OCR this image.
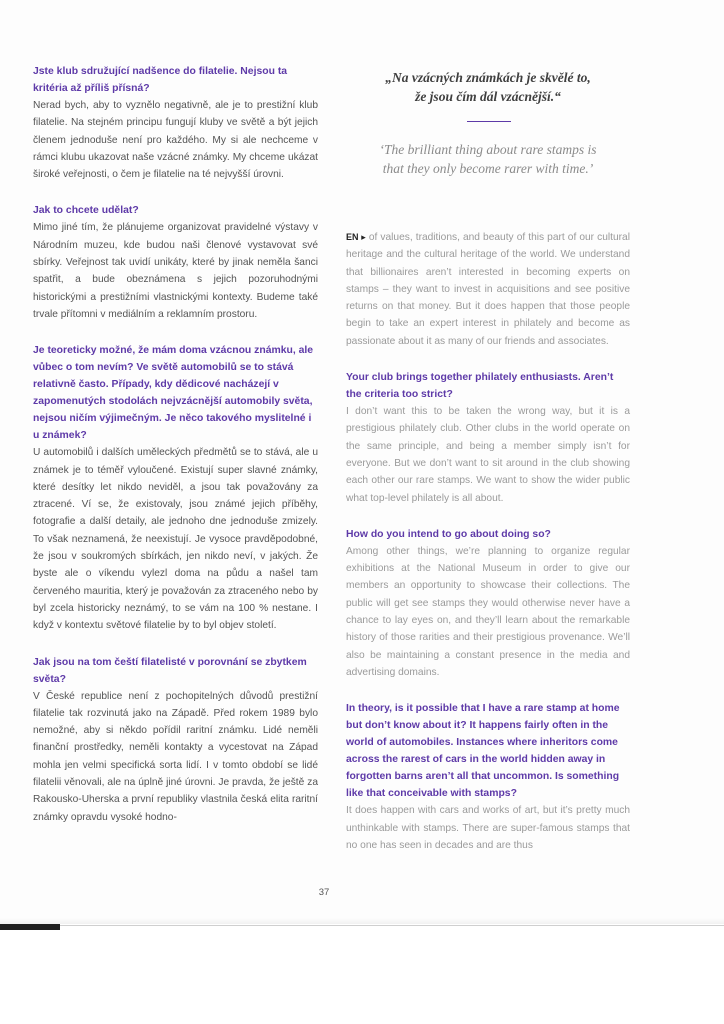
Jste klub sdružující nadšence do filatelie. Nejsou ta kritéria až příliš přísná?

Nerad bych, aby to vyznělo negativně, ale je to prestižní klub filatelie. Na stejném principu fungují kluby ve světě a být jejich členem jednoduše není pro každého. My si ale nechceme v rámci klubu ukazovat naše vzácné známky. My chceme ukázat široké veřejnosti, o čem je filatelie na té nejvyšší úrovni.

Jak to chcete udělat?

Mimo jiné tím, že plánujeme organizovat pravidelné výstavy v Národním muzeu, kde budou naši členové vystavovat své sbírky. Veřejnost tak uvidí unikáty, které by jinak neměla šanci spatřit, a bude obeznámena s jejich pozoruhodnými historickými a prestižními vlastnickými kontexty. Budeme také trvale přítomni v mediálním a reklamním prostoru.

Je teoreticky možné, že mám doma vzácnou známku, ale vůbec o tom nevím? Ve světě automobilů se to stává relativně často. Případy, kdy dědicové nacházejí v zapomenutých stodolách nejvzácnější automobily světa, nejsou ničím výjimečným. Je něco takového myslitelné i u známek?

U automobilů i dalších uměleckých předmětů se to stává, ale u známek je to téměř vyloučené. Existují super slavné známky, které desítky let nikdo neviděl, a jsou tak považovány za ztracené. Ví se, že existovaly, jsou známé jejich příběhy, fotografie a další detaily, ale jednoho dne jednoduše zmizely. To však neznamená, že neexistují. Je vysoce pravděpodobné, že jsou v soukromých sbírkách, jen nikdo neví, v jakých. Že byste ale o víkendu vylezl doma na půdu a našel tam červeného mauritia, který je považován za ztraceného nebo by byl zcela historicky neznámý, to se vám na 100 % nestane. I když v kontextu světové filatelie by to byl objev století.

Jak jsou na tom čeští filatelisté v porovnání se zbytkem světa?

V České republice není z pochopitelných důvodů prestižní filatelie tak rozvinutá jako na Západě. Před rokem 1989 bylo nemožné, aby si někdo pořídil raritní známku. Lidé neměli finanční prostředky, neměli kontakty a vycestovat na Západ mohla jen velmi specifická sorta lidí. I v tomto období se lidé filatelii věnovali, ale na úplně jiné úrovni. Je pravda, že ještě za Rakousko-Uherska a první republiky vlastnila česká elita raritní známky opravdu vysoké hodno-

„Na vzácných známkách je skvělé to,
že jsou čím dál vzácnější.“
‘The brilliant thing about rare stamps is
that they only become rarer with time.’

EN ▸ of values, traditions, and beauty of this part of our cultural heritage and the cultural heritage of the world. We understand that billionaires aren’t interested in becoming experts on stamps – they want to invest in acquisitions and see positive returns on that money. But it does happen that those people begin to take an expert interest in philately and become as passionate about it as many of our friends and associates.

Your club brings together philately enthusiasts. Aren’t the criteria too strict?

I don’t want this to be taken the wrong way, but it is a prestigious philately club. Other clubs in the world operate on the same principle, and being a member simply isn’t for everyone. But we don’t want to sit around in the club showing each other our rare stamps. We want to show the wider public what top-level philately is all about.

How do you intend to go about doing so?

Among other things, we’re planning to organize regular exhibitions at the National Museum in order to give our members an opportunity to showcase their collections. The public will get see stamps they would otherwise never have a chance to lay eyes on, and they’ll learn about the remarkable history of those rarities and their prestigious provenance. We’ll also be maintaining a constant presence in the media and advertising domains.

In theory, is it possible that I have a rare stamp at home but don’t know about it? It happens fairly often in the world of automobiles. Instances where inheritors come across the rarest of cars in the world hidden away in forgotten barns aren’t all that uncommon. Is something like that conceivable with stamps?

It does happen with cars and works of art, but it’s pretty much unthinkable with stamps. There are super-famous stamps that no one has seen in decades and are thus

37
